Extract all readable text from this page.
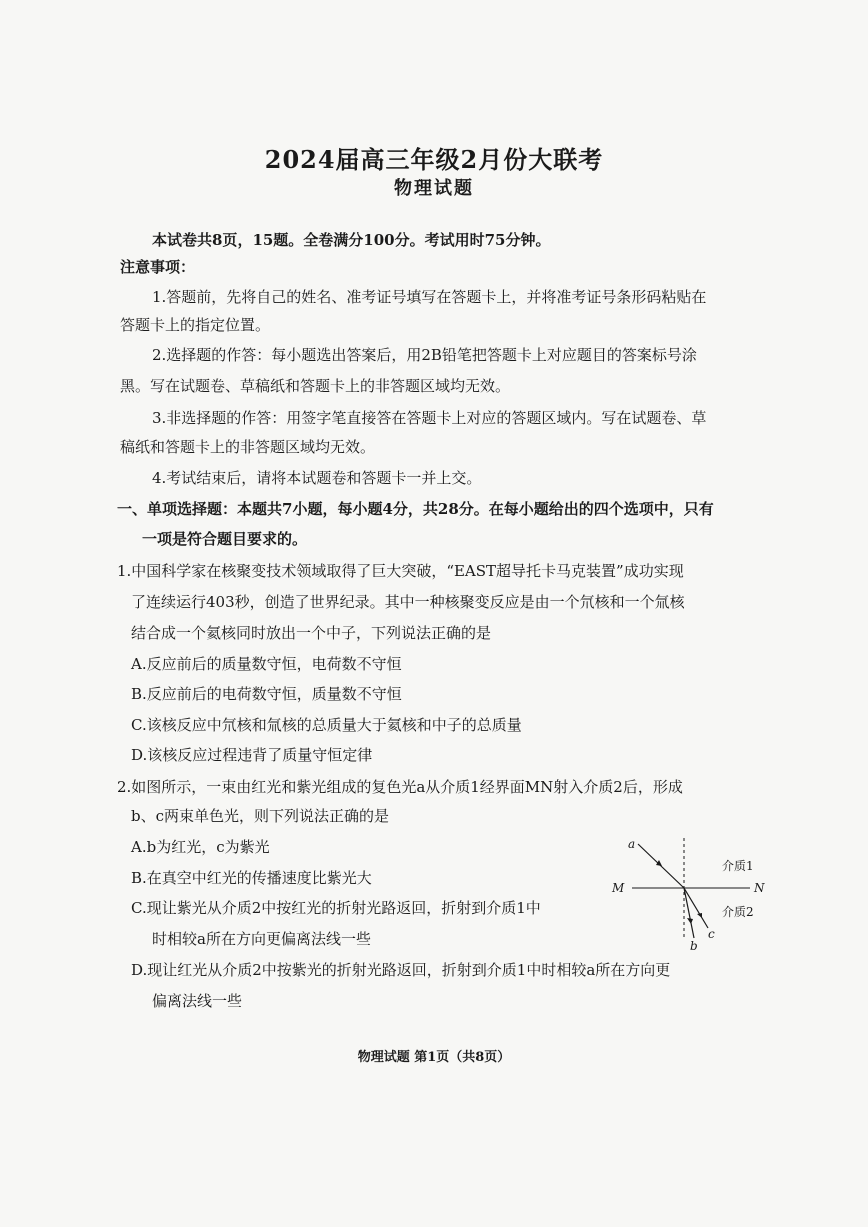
2024届高三年级2月份大联考
物理试题
本试卷共8页，15题。全卷满分100分。考试用时75分钟。
注意事项：
1.答题前，先将自己的姓名、准考证号填写在答题卡上，并将准考证号条形码粘贴在
答题卡上的指定位置。
2.选择题的作答：每小题选出答案后，用2B铅笔把答题卡上对应题目的答案标号涂
黑。写在试题卷、草稿纸和答题卡上的非答题区域均无效。
3.非选择题的作答：用签字笔直接答在答题卡上对应的答题区域内。写在试题卷、草
稿纸和答题卡上的非答题区域均无效。
4.考试结束后，请将本试题卷和答题卡一并上交。
一、单项选择题：本题共7小题，每小题4分，共28分。在每小题给出的四个选项中，只有
一项是符合题目要求的。
1.中国科学家在核聚变技术领域取得了巨大突破，“EAST超导托卡马克装置”成功实现
了连续运行403秒，创造了世界纪录。其中一种核聚变反应是由一个氘核和一个氚核
结合成一个氦核同时放出一个中子，下列说法正确的是
A.反应前后的质量数守恒，电荷数不守恒
B.反应前后的电荷数守恒，质量数不守恒
C.该核反应中氘核和氚核的总质量大于氦核和中子的总质量
D.该核反应过程违背了质量守恒定律
2.如图所示，一束由红光和紫光组成的复色光a从介质1经界面MN射入介质2后，形成
b、c两束单色光，则下列说法正确的是
A.b为红光，c为紫光
B.在真空中红光的传播速度比紫光大
C.现让紫光从介质2中按红光的折射光路返回，折射到介质1中
时相较a所在方向更偏离法线一些
D.现让红光从介质2中按紫光的折射光路返回，折射到介质1中时相较a所在方向更
偏离法线一些
a
b
c
M	N
介质1
介质2
物理试题 第1页（共8页）
